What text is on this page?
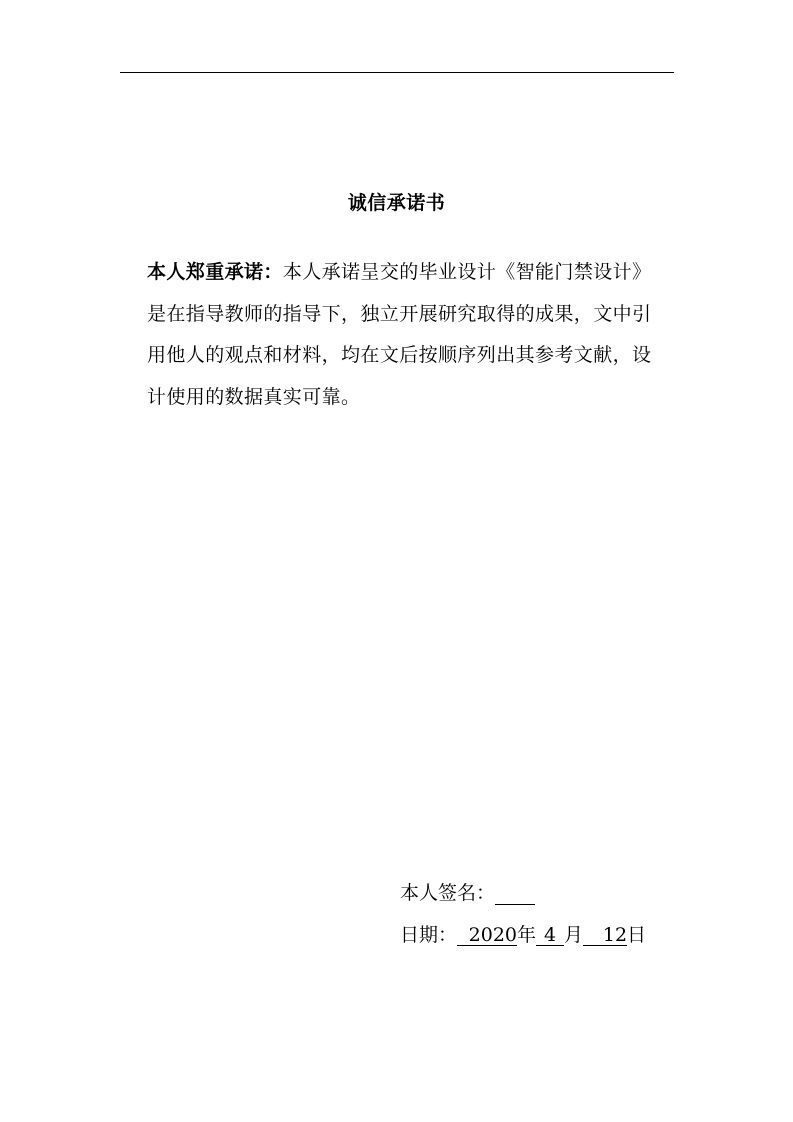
诚信承诺书
本人郑重承诺：本人承诺呈交的毕业设计《智能门禁设计》是在指导教师的指导下，独立开展研究取得的成果，文中引用他人的观点和材料，均在文后按顺序列出其参考文献，设计使用的数据真实可靠。
本人签名：
日期： 2020年 4 月 12日
